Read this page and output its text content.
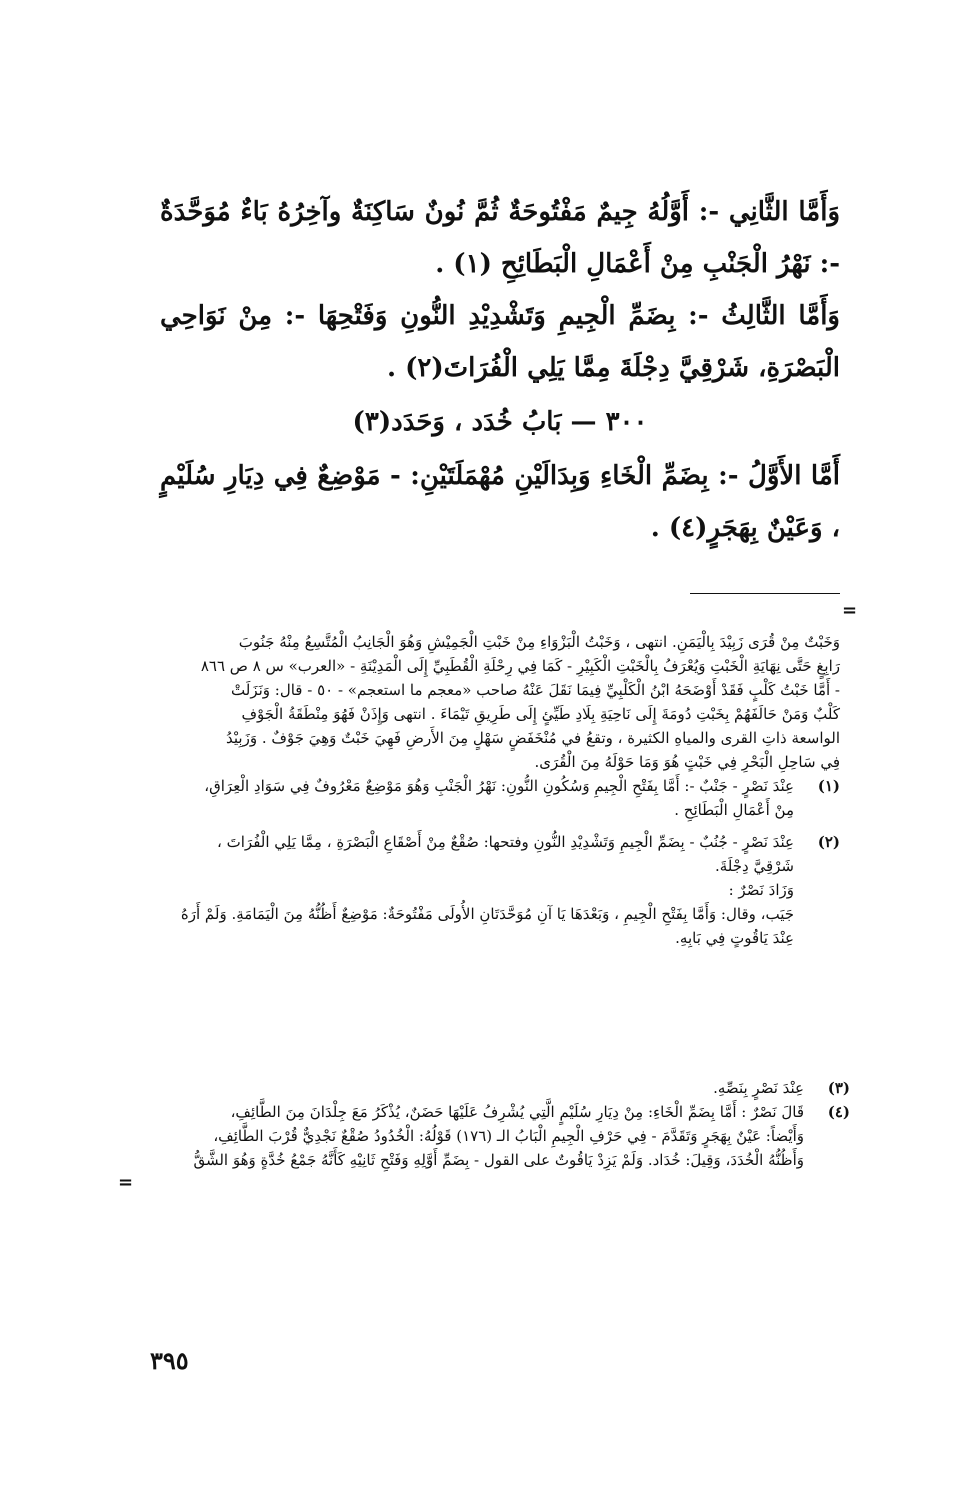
وَأَمَّا الثَّانِي -: أَوَّلُهُ جِيمٌ مَفْتُوحَةٌ ثُمَّ نُونٌ سَاكِنَةٌ وآخِرُهُ بَاءٌ مُوَحَّدَةٌ -: نَهْرُ الْجَنْبِ مِنْ أَعْمَالِ الْبَطَائِحِ (١) .

وَأَمَّا الثَّالِثُ -: بِضَمِّ الْجِيمِ وَتَشْدِيْدِ النُّونِ وَفَتْحِهَا -: مِنْ نَوَاحِي الْبَصْرَةِ، شَرْقِيَّ دِجْلَةَ مِمَّا يَلِي الْفُرَاتَ(٢) .

٣٠٠ — بَابُ خُدَد ، وَحَدَد(٣)

أَمَّا الأَوَّلُ -: بِضَمِّ الْخَاءِ وَبِدَالَيْنِ مُهْمَلَتَيْنِ: - مَوْضِعٌ فِي دِيَارِ سُلَيْمٍ ، وَعَيْنٌ بِهَجَرٍ(٤) .

=

وَخَبْتٌ مِنْ قُرَى زَبِيْدَ بِالْيَمَنِ. انتهى ، وَخَبْتُ الْبَزْوَاءِ مِنْ خَبْتِ الْجَمِيْشِ وَهُوَ الْجَانِبُ الْمُتَّسِعُ مِنْهُ جَنُوبَ

رَابِغٍ حَتَّى نِهَايَةِ الْخَبْتِ وَيُعْرَفُ بِالْخَبْتِ الْكَبِيْرِ - كَمَا فِي رِحْلَةِ الْقُطَبِيِّ إِلَى الْمَدِيْنَةِ - «العرب» س ٨ ص ٨٦٦

- أَمَّا خَبْتُ كَلْبٍ فَقَدْ أَوْضَحَهُ ابْنُ الْكَلْبِيِّ فِيمَا نَقَلَ عَنْهُ صاحب «معجم ما استعجم» - ٥٠ - قال: وَنَزَلَتْ

كَلْبٌ وَمَنْ حَالَفَهُمْ بِخَبْتِ دُومَةَ إِلَى نَاحِيَةِ بِلَادِ طَيِّئٍ إِلَى طَرِيقِ تَيْمَاءَ . انتهى وَإِذَنْ فَهُوَ مِنْطَقَةُ الْجَوْفِ

الواسعة ذاتِ القرى والمياهِ الكثيرة ، وتقعُ في مُنْخَفَضٍ سَهْلٍ مِنَ الأَرضِ فَهِيَ خَبْتٌ وَهِيَ جَوْفٌ . وَزَبِيْدُ

فِي سَاحِلِ الْبَحْرِ فِي خَبْتٍ هُوَ وَمَا حَوْلَهُ مِنَ الْقُرَى.

(١)

عِنْدَ نَصْرٍ - جَنْبٌ -: أَمَّا بِفَتْحِ الْجِيمِ وَسُكُونِ النُّونِ: نَهْرُ الْجَنْبِ وَهُوَ مَوْضِعٌ مَعْرُوفٌ فِي سَوَادِ الْعِرَاقِ،

مِنْ أَعْمَالِ الْبَطَائِحِ .

(٢)

عِنْدَ نَصْرٍ - جُنُبٌ - بِضَمِّ الْجِيمِ وَتَشْدِيْدِ النُّونِ وفتحها: صُقْعٌ مِنْ أَصْقَاعِ الْبَصْرَةِ ، مِمَّا يَلِي الْفُرَاتَ ،

شَرْقِيَّ دِجْلَةَ.

وَزَادَ نَصْرٌ :

جَيَب، وقال: وَأَمَّا بِفَتْحِ الْجِيمِ ، وَبَعْدَهَا يَا آنِ مُوَحَّدَتَانِ الأُولَى مَفْتُوحَةٌ: مَوْضِعٌ أَظُنُّهُ مِنَ الْيَمَامَةِ. وَلَمْ أَرَهُ

عِنْدَ يَاقُوتٍ فِي بَابِهِ.

(٣)

عِنْدَ نَصْرٍ بِنَصِّهِ.

(٤)

قَالَ نَصْرٌ : أَمَّا بِضَمِّ الْخَاءِ: مِنْ دِيَارِ سُلَيْمٍ الَّتِي يُشْرِفُ عَلَيْهَا حَضَنٌ، يُذْكَرُ مَعَ جِلْدَانَ مِنَ الطَّائِفِ،

وَأَيْضاً: عَيْنٌ بِهَجَرٍ وَتَقَدَّمَ - فِي حَرْفِ الْجِيمِ الْبَابُ الـ (١٧٦) قَوْلُهُ: الْخُدُودُ صُقْعٌ نَجْدِيٌّ قُرْبَ الطَّائِفِ،

وَأَظُنُّهُ الْخُدَدَ، وَقِيلَ: خُدَاد. وَلَمْ يَزِدْ يَاقُوتٌ على القول - بِضَمِّ أَوَّلِهِ وَفَتْحِ ثَانِيْهِ كَأَنَّهُ جَمْعُ خُدَّةٍ وَهُوَ الشَّقُّ

=
٣٩٥
